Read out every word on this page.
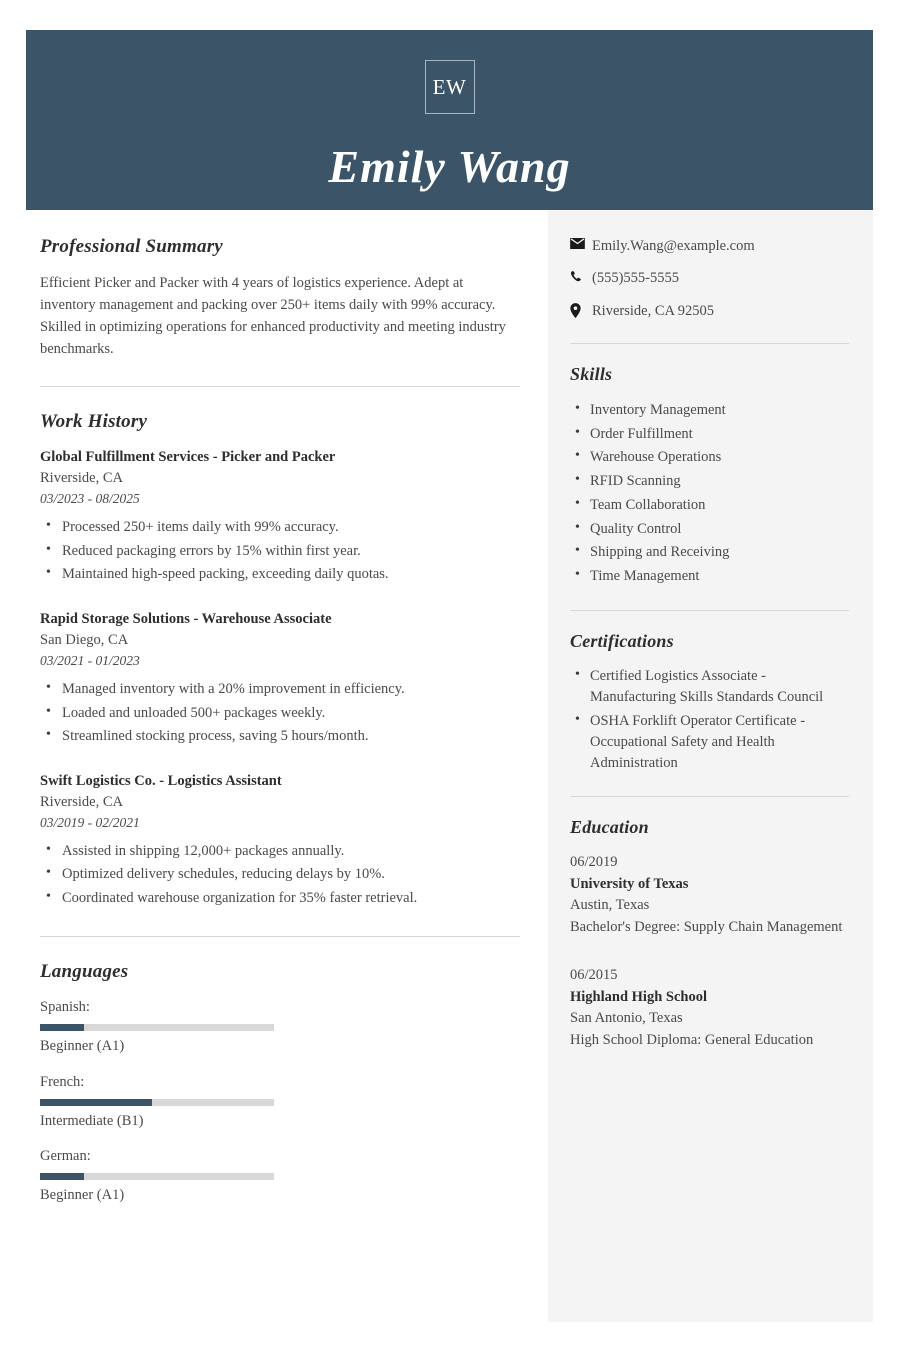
EW
Emily Wang
Professional Summary

Efficient Picker and Packer with 4 years of logistics experience. Adept at inventory management and packing over 250+ items daily with 99% accuracy. Skilled in optimizing operations for enhanced productivity and meeting industry benchmarks.

Work History
Global Fulfillment Services - Picker and Packer
Riverside, CA
03/2023 - 08/2025
• Processed 250+ items daily with 99% accuracy.
• Reduced packaging errors by 15% within first year.
• Maintained high-speed packing, exceeding daily quotas.
Rapid Storage Solutions - Warehouse Associate
San Diego, CA
03/2021 - 01/2023
• Managed inventory with a 20% improvement in efficiency.
• Loaded and unloaded 500+ packages weekly.
• Streamlined stocking process, saving 5 hours/month.
Swift Logistics Co. - Logistics Assistant
Riverside, CA
03/2019 - 02/2021
• Assisted in shipping 12,000+ packages annually.
• Optimized delivery schedules, reducing delays by 10%.
• Coordinated warehouse organization for 35% faster retrieval.
Languages
Spanish:
Beginner (A1)
French:
Intermediate (B1)
German:
Beginner (A1)
Emily.Wang@example.com
(555)555-5555
Riverside, CA 92505
Skills
• Inventory Management
• Order Fulfillment
• Warehouse Operations
• RFID Scanning
• Team Collaboration
• Quality Control
• Shipping and Receiving
• Time Management
Certifications
• Certified Logistics Associate - Manufacturing Skills Standards Council
• OSHA Forklift Operator Certificate - Occupational Safety and Health Administration
Education
06/2019
University of Texas
Austin, Texas
Bachelor's Degree: Supply Chain Management
06/2015
Highland High School
San Antonio, Texas
High School Diploma: General Education
